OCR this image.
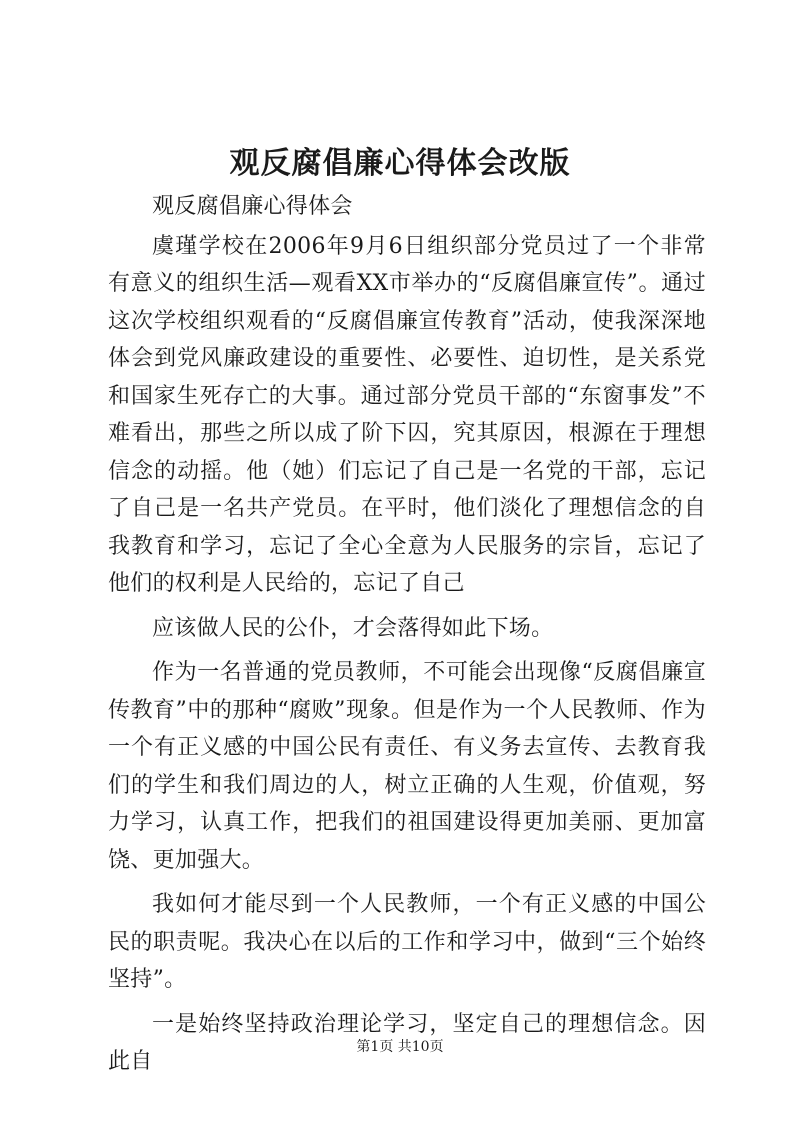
观反腐倡廉心得体会改版

观反腐倡廉心得体会

虞瑾学校在2006年9月6日组织部分党员过了一个非常有意义的组织生活—观看XX市举办的“反腐倡廉宣传”。通过这次学校组织观看的“反腐倡廉宣传教育”活动，使我深深地体会到党风廉政建设的重要性、必要性、迫切性，是关系党和国家生死存亡的大事。通过部分党员干部的“东窗事发”不难看出，那些之所以成了阶下囚，究其原因，根源在于理想信念的动摇。他（她）们忘记了自己是一名党的干部，忘记了自己是一名共产党员。在平时，他们淡化了理想信念的自我教育和学习，忘记了全心全意为人民服务的宗旨，忘记了他们的权利是人民给的，忘记了自己

应该做人民的公仆，才会落得如此下场。

作为一名普通的党员教师，不可能会出现像“反腐倡廉宣传教育”中的那种“腐败”现象。但是作为一个人民教师、作为一个有正义感的中国公民有责任、有义务去宣传、去教育我们的学生和我们周边的人，树立正确的人生观，价值观，努力学习，认真工作，把我们的祖国建设得更加美丽、更加富饶、更加强大。

我如何才能尽到一个人民教师，一个有正义感的中国公民的职责呢。我决心在以后的工作和学习中，做到“三个始终坚持”。

一是始终坚持政治理论学习，坚定自己的理想信念。因此自

第1页 共10页
